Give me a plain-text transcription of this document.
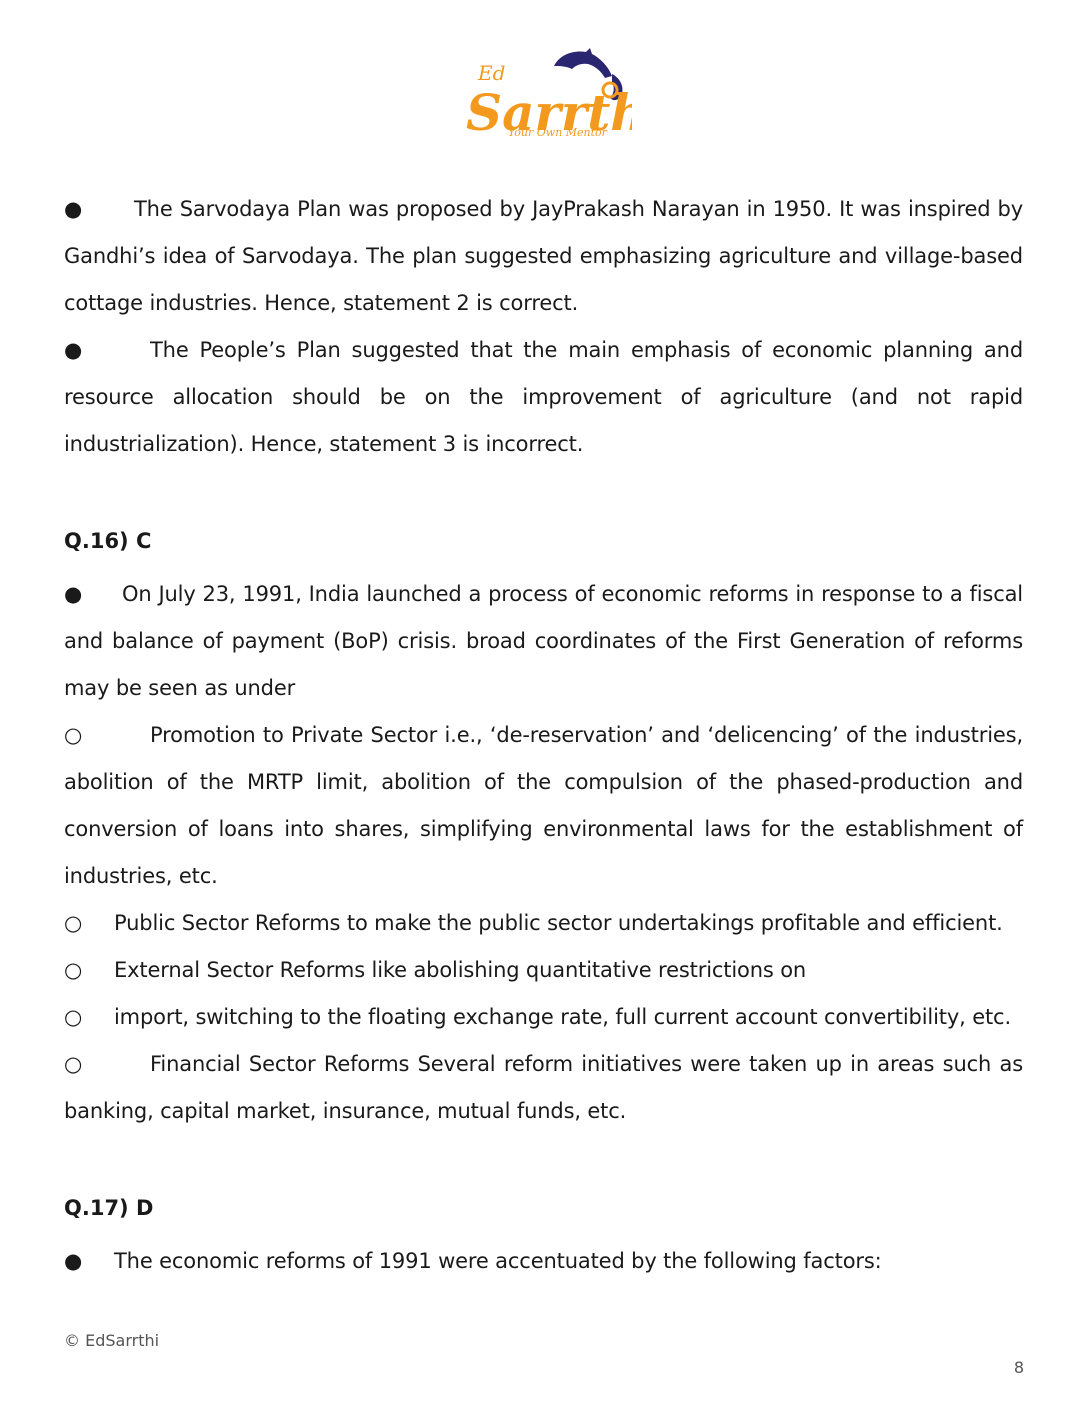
Ed
Sarrt
Your Own Mentor

● The Sarvodaya Plan was proposed by JayPrakash Narayan in 1950. It was inspired by Gandhi’s idea of Sarvodaya. The plan suggested emphasizing agriculture and village-based cottage industries. Hence, statement 2 is correct.

●	The People’s Plan suggested that the main emphasis of economic planning and resource allocation should be on the improvement of agriculture (and not rapid industrialization). Hence, statement 3 is incorrect.

Q.16) C

● On July 23, 1991, India launched a process of economic reforms in response to a fiscal and balance of payment (BoP) crisis. broad coordinates of the First Generation of reforms may be seen as under

○	Promotion to Private Sector i.e., ‘de-reservation’ and ‘delicencing’ of the industries, abolition of the MRTP limit, abolition of the compulsion of the phased-production and conversion of loans into shares, simplifying environmental laws for the establishment of industries, etc.

○ Public Sector Reforms to make the public sector undertakings profitable and efficient.

○ External Sector Reforms like abolishing quantitative restrictions on

○ import, switching to the floating exchange rate, full current account convertibility, etc.

○	Financial Sector Reforms Several reform initiatives were taken up in areas such as banking, capital market, insurance, mutual funds, etc.

Q.17) D

● The economic reforms of 1991 were accentuated by the following factors:

© EdSarrthi
8
